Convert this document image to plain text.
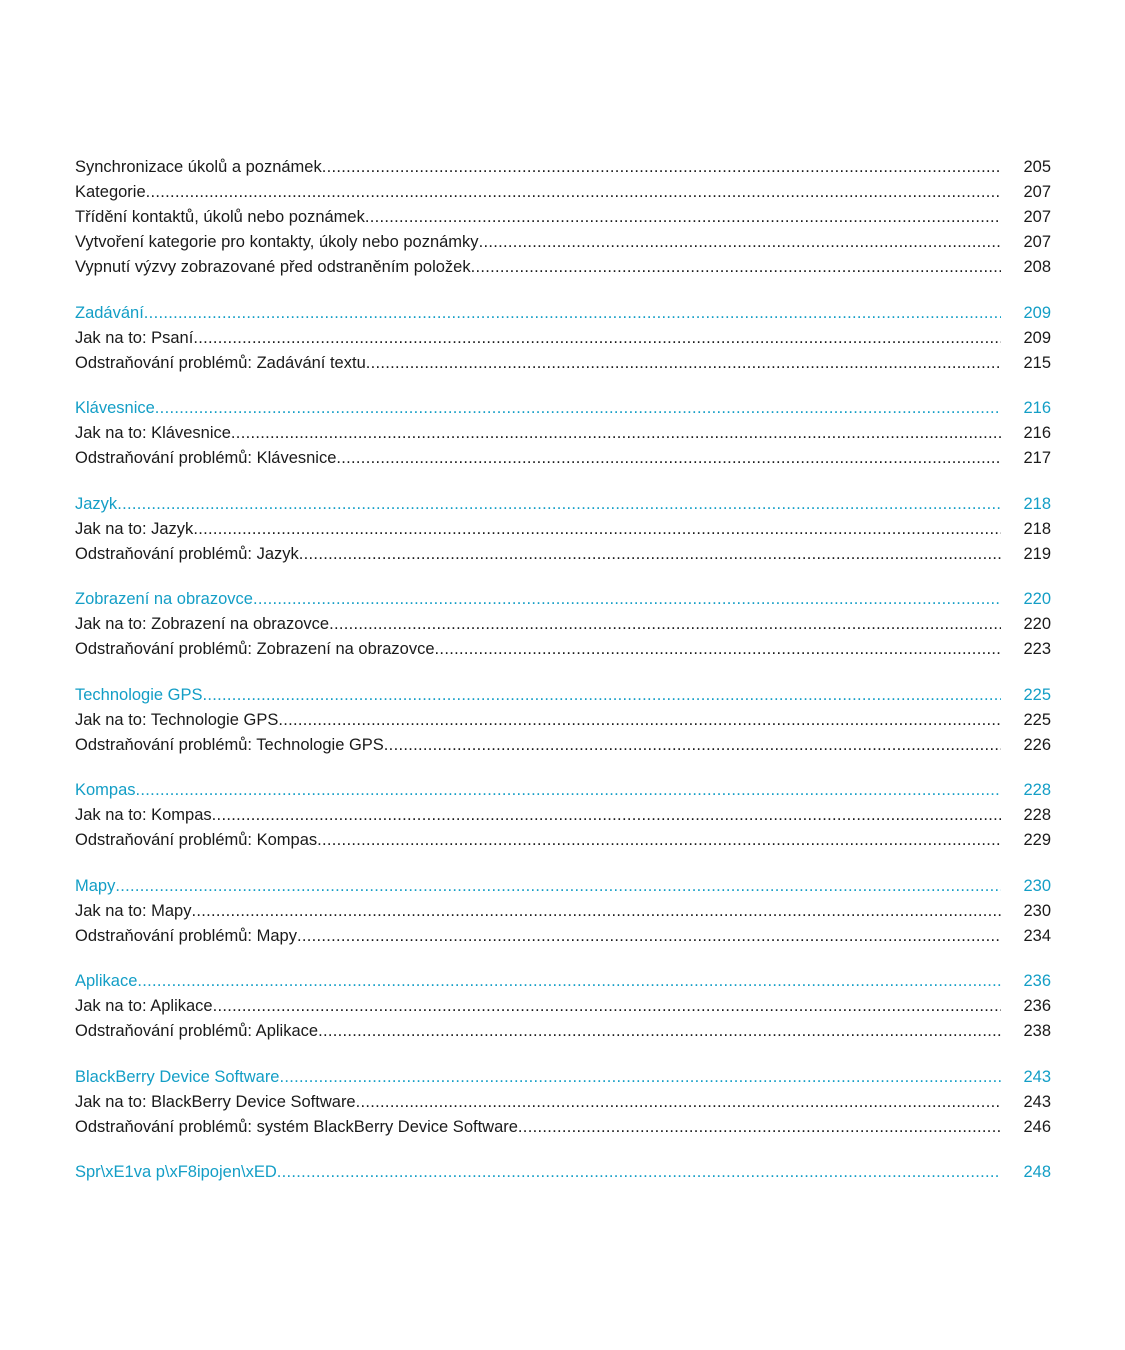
Synchronizace úkolů a poznámek .....	205
Kategorie .....	207
Třídění kontaktů, úkolů nebo poznámek .....	207
Vytvoření kategorie pro kontakty, úkoly nebo poznámky .....	207
Vypnutí výzvy zobrazované před odstraněním položek .....	208
Zadávání .....	209
Jak na to: Psaní .....	209
Odstraňování problémů: Zadávání textu .....	215
Klávesnice .....	216
Jak na to: Klávesnice .....	216
Odstraňování problémů: Klávesnice .....	217
Jazyk .....	218
Jak na to: Jazyk .....	218
Odstraňování problémů: Jazyk .....	219
Zobrazení na obrazovce .....	220
Jak na to: Zobrazení na obrazovce .....	220
Odstraňování problémů: Zobrazení na obrazovce .....	223
Technologie GPS .....	225
Jak na to: Technologie GPS .....	225
Odstraňování problémů: Technologie GPS .....	226
Kompas .....	228
Jak na to: Kompas .....	228
Odstraňování problémů: Kompas .....	229
Mapy .....	230
Jak na to: Mapy .....	230
Odstraňování problémů: Mapy .....	234
Aplikace .....	236
Jak na to: Aplikace .....	236
Odstraňování problémů: Aplikace .....	238
BlackBerry Device Software .....	243
Jak na to: BlackBerry Device Software .....	243
Odstraňování problémů: systém BlackBerry Device Software .....	246
Spr\xE1va p\xF8ipojen\xED .....	248
